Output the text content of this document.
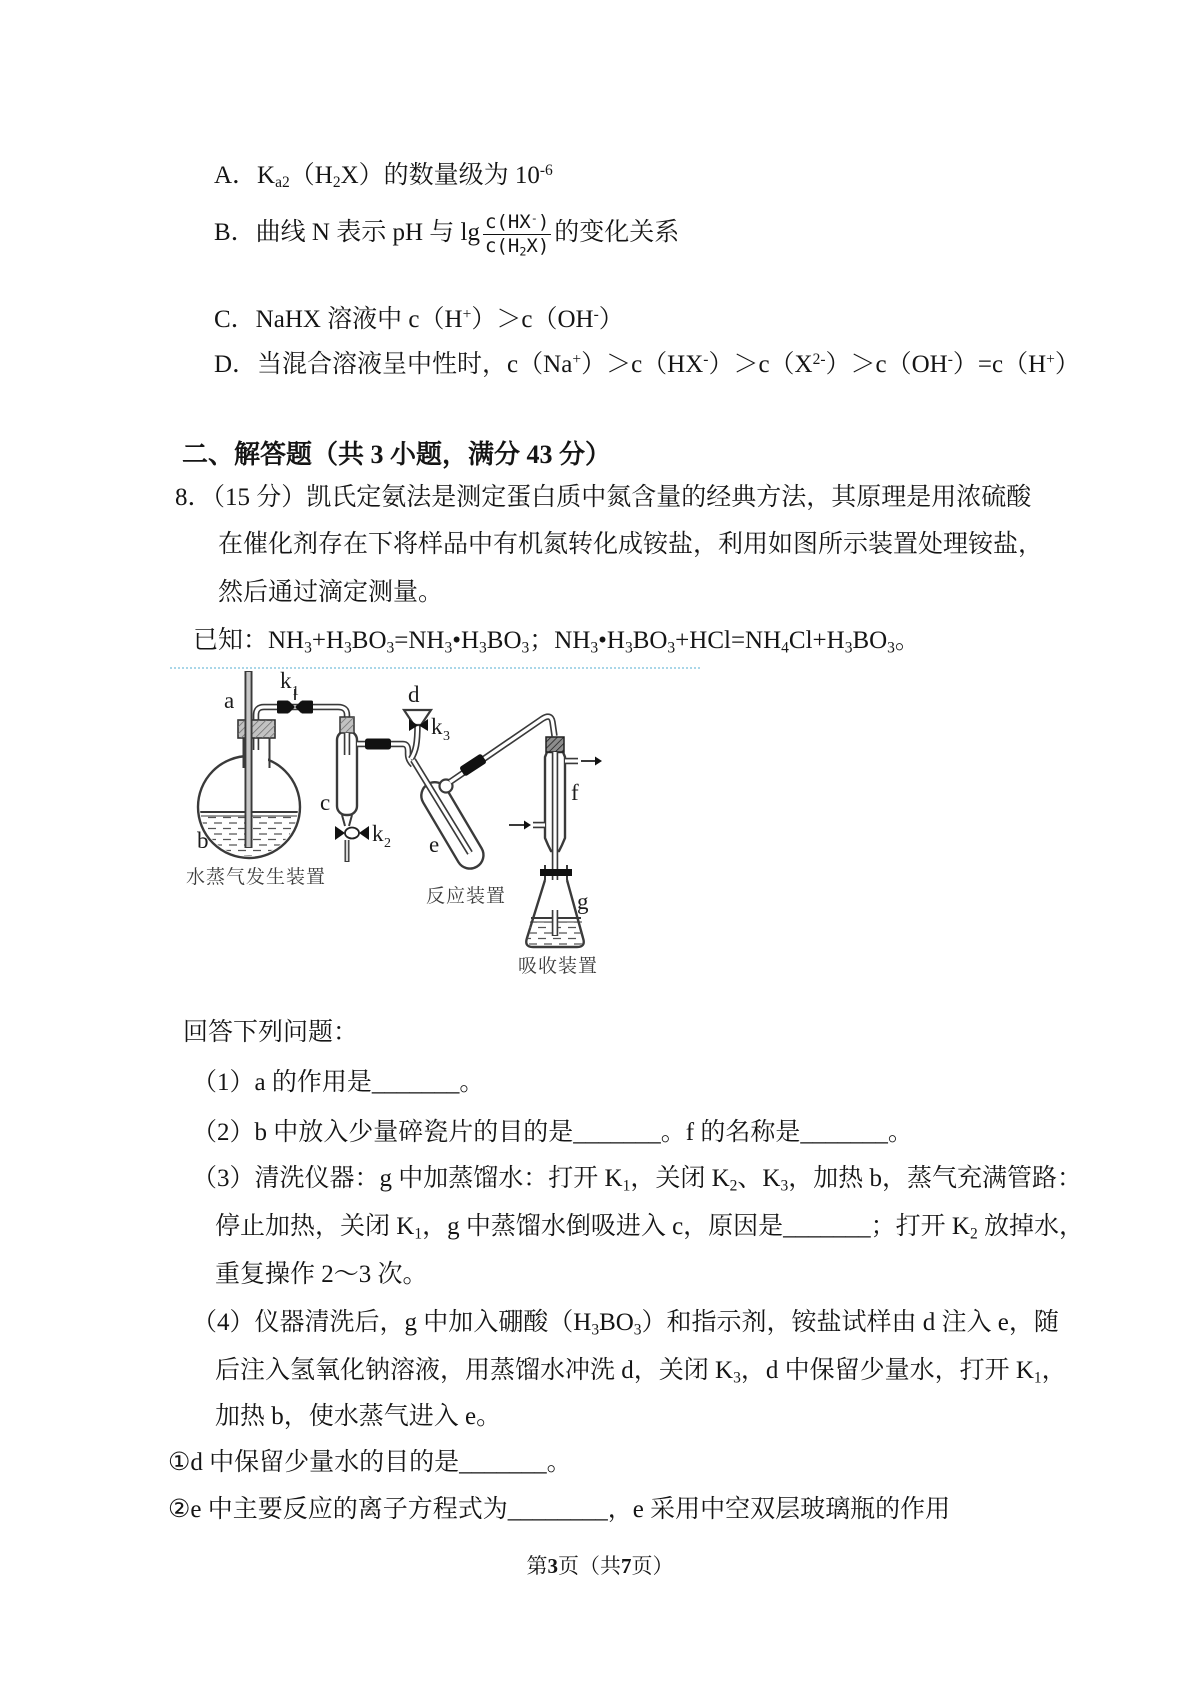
A．$K_{a2}(H_2X)$的数量级为 $10^{-6}$
B．曲线 N 表示 pH 与 $\lg \frac{c(HX^-)}{c(H_2X)}$ 的变化关系
C．NaHX 溶液中 c（H+）＞c（OH-）
D．当混合溶液呈中性时，$c(Na^+)>c(HX^-)>c(X^{2-})>c(OH^-)=c(H^+)$
二、解答题（共 3 小题，满分 43 分）
8．（15 分）凯氏定氨法是测定蛋白质中氮含量的经典方法，其原理是用浓硫酸
在催化剂存在下将样品中有机氮转化成铵盐，利用如图所示装置处理铵盐，
然后通过滴定测量。
已知：$NH_3+H_3BO_3=NH_3•H_3BO_3$；$NH_3•H_3BO_3+HCl=NH_4Cl+H_3BO_3$。
a
b
c
d
e
f
g
k 1
k 2
k 3
水蒸气发生装置
反应装置
吸收装置
回答下列问题：
（1）a 的作用是_______。
（2）b 中放入少量碎瓷片的目的是_______。f 的名称是_______。
（3）清洗仪器：g 中加蒸馏水：打开 $K_1$，关闭 $K_2$、$K_3$，加热 b，蒸气充满管路：
停止加热，关闭 $K_1$，g 中蒸馏水倒吸进入 c，原因是_______；打开 $K_2$ 放掉水，
重复操作 2～3 次。
（4）仪器清洗后，g 中加入硼酸$(H_3BO_3)$和指示剂，铵盐试样由 d 注入 e，随
后注入氢氧化钠溶液，用蒸馏水冲洗 d，关闭 $K_3$，d 中保留少量水，打开 $K_1$，
加热 b，使水蒸气进入 e。
①d 中保留少量水的目的是_______。
②e 中主要反应的离子方程式为________，e 采用中空双层玻璃瓶的作用
第3页（共7页）
